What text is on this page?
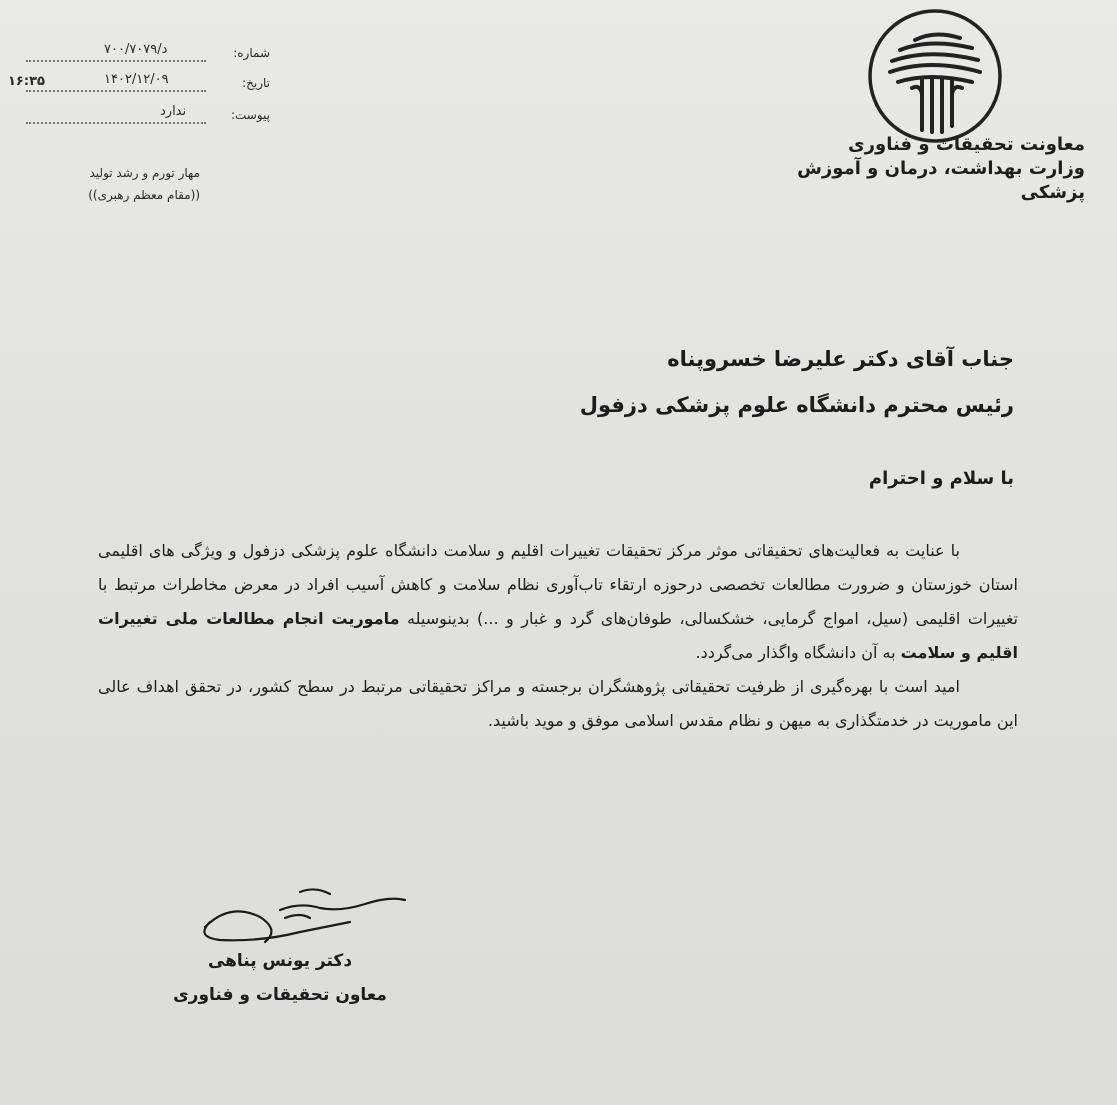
معاونت تحقیقات و فناوری
وزارت بهداشت، درمان و آموزش پزشکی
شماره:
د/۷۰۰/۷۰۷۹
تاریخ:
۱۴۰۲/۱۲/۰۹
۱۶:۳۵
پیوست:
ندارد
مهار تورم و رشد تولید
((مقام معظم رهبری))
جناب آقای دکتر علیرضا خسروپناه
رئیس محترم دانشگاه علوم پزشکی دزفول
با سلام و احترام

با عنایت به فعالیت‌های تحقیقاتی موثر مرکز تحقیقات تغییرات اقلیم و سلامت دانشگاه علوم پزشکی دزفول و ویژگی های اقلیمی استان خوزستان و ضرورت مطالعات تخصصی درحوزه ارتقاء تاب‌آوری نظام سلامت و کاهش آسیب افراد در معرض مخاطرات مرتبط با تغییرات اقلیمی (سیل، امواج گرمایی، خشکسالی، طوفان‌های گرد و غبار و ...) بدینوسیله ماموریت انجام مطالعات ملی تغییرات اقلیم و سلامت به آن دانشگاه واگذار می‌گردد.

امید است با بهره‌گیری از ظرفیت تحقیقاتی پژوهشگران برجسته و مراکز تحقیقاتی مرتبط در سطح کشور، در تحقق اهداف عالی این ماموریت در خدمتگذاری به میهن و نظام مقدس اسلامی موفق و موید باشید.

دکتر یونس پناهی
معاون تحقیقات و فناوری
